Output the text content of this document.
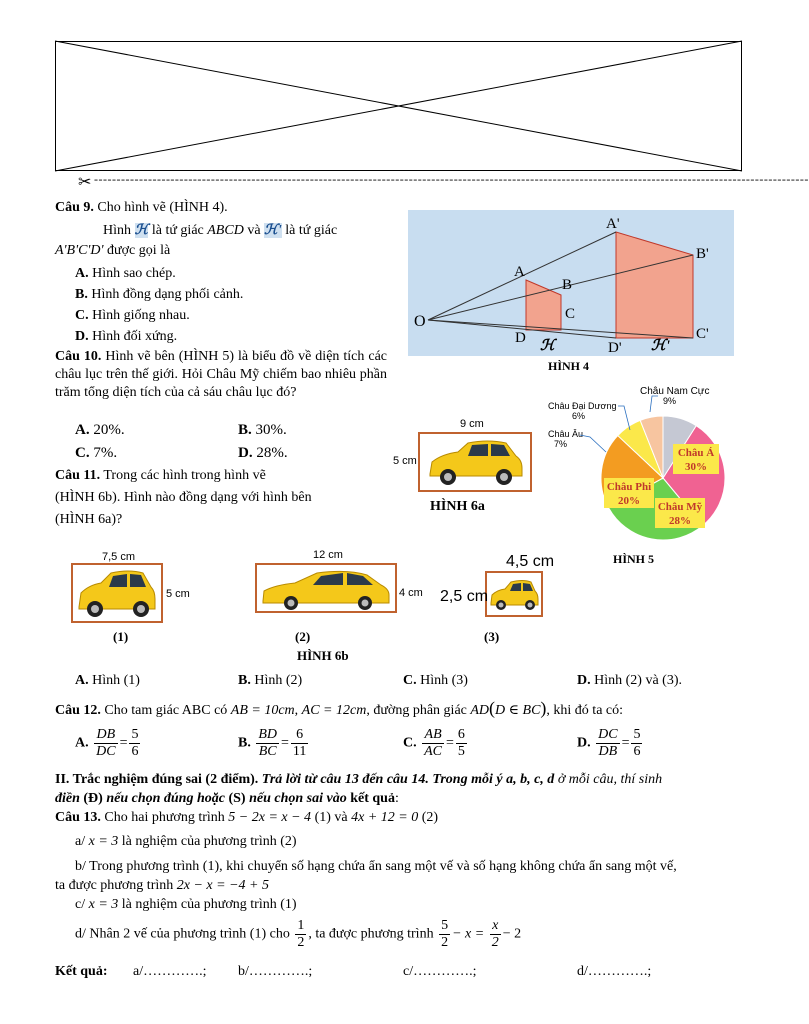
✂ ---------------------------------------------------------------------------------------------------------------------------------------------------------------
Câu 9. Cho hình vẽ (HÌNH 4).
Hình ℋ là tứ giác ABCD và ℋ' là tứ giác
A'B'C'D' được gọi là
A. Hình sao chép.
B. Hình đồng dạng phối cảnh.
C. Hình giống nhau.
D. Hình đối xứng.
O
A
B
C
D
A'
B'
C'
D'
ℋ	ℋ'
HÌNH 4
Câu 10. Hình vẽ bên (HÌNH 5) là biểu đồ về diện tích các châu lục trên thế giới. Hỏi Châu Mỹ chiếm bao nhiêu phần trăm tổng diện tích của cả sáu châu lục đó?
A. 20%.	B. 30%.
C. 7%.	D. 28%.
Châu Nam Cực
9%
Châu Đại Dương
6%
Châu Âu
7%
Châu Á
30%
Châu Phi
20% Châu Mỹ
28%
HÌNH 5
9 cm
5 cm
HÌNH 6a
Câu 11. Trong các hình trong hình vẽ
(HÌNH 6b). Hình nào đồng dạng với hình bên
(HÌNH 6a)?
7,5 cm
5 cm
(1)
12 cm
4 cm
(2)
4,5 cm
2,5 cm
(3)
HÌNH 6b
A. Hình (1)	B. Hình (2)	C. Hình (3)	D. Hình (2) và (3).
Câu 12. Cho tam giác ABC có AB = 10cm, AC = 12cm, đường phân giác AD(D ∈ BC), khi đó ta có:
A. $\frac{DB}{DC} = \frac{5}{6}$	B. $\frac{BD}{BC} = \frac{6}{11}$	C. $\frac{AB}{AC} = \frac{6}{5}$	D. $\frac{DC}{DB} = \frac{5}{6}$
II. Trắc nghiệm đúng sai (2 điểm). Trả lời từ câu 13 đến câu 14. Trong mỗi ý a, b, c, d ở mỗi câu, thí sinh
điền (Đ) nếu chọn đúng hoặc (S) nếu chọn sai vào kết quả:
Câu 13. Cho hai phương trình 5 − 2x = x − 4 (1) và 4x + 12 = 0 (2)
a/ x = 3 là nghiệm của phương trình (2)
b/ Trong phương trình (1), khi chuyển số hạng chứa ẩn sang một vế và số hạng không chứa ẩn sang một vế,
ta được phương trình 2x − x = −4 + 5
c/ x = 3 là nghiệm của phương trình (1)
d/ Nhân 2 vế của phương trình (1) cho $\frac{1}{2}$ , ta được phương trình $\frac{5}{2} - x = \frac{x}{2} - 2$
Kết quả: a/………….; b/………….;	c/………….;	d/………….;
